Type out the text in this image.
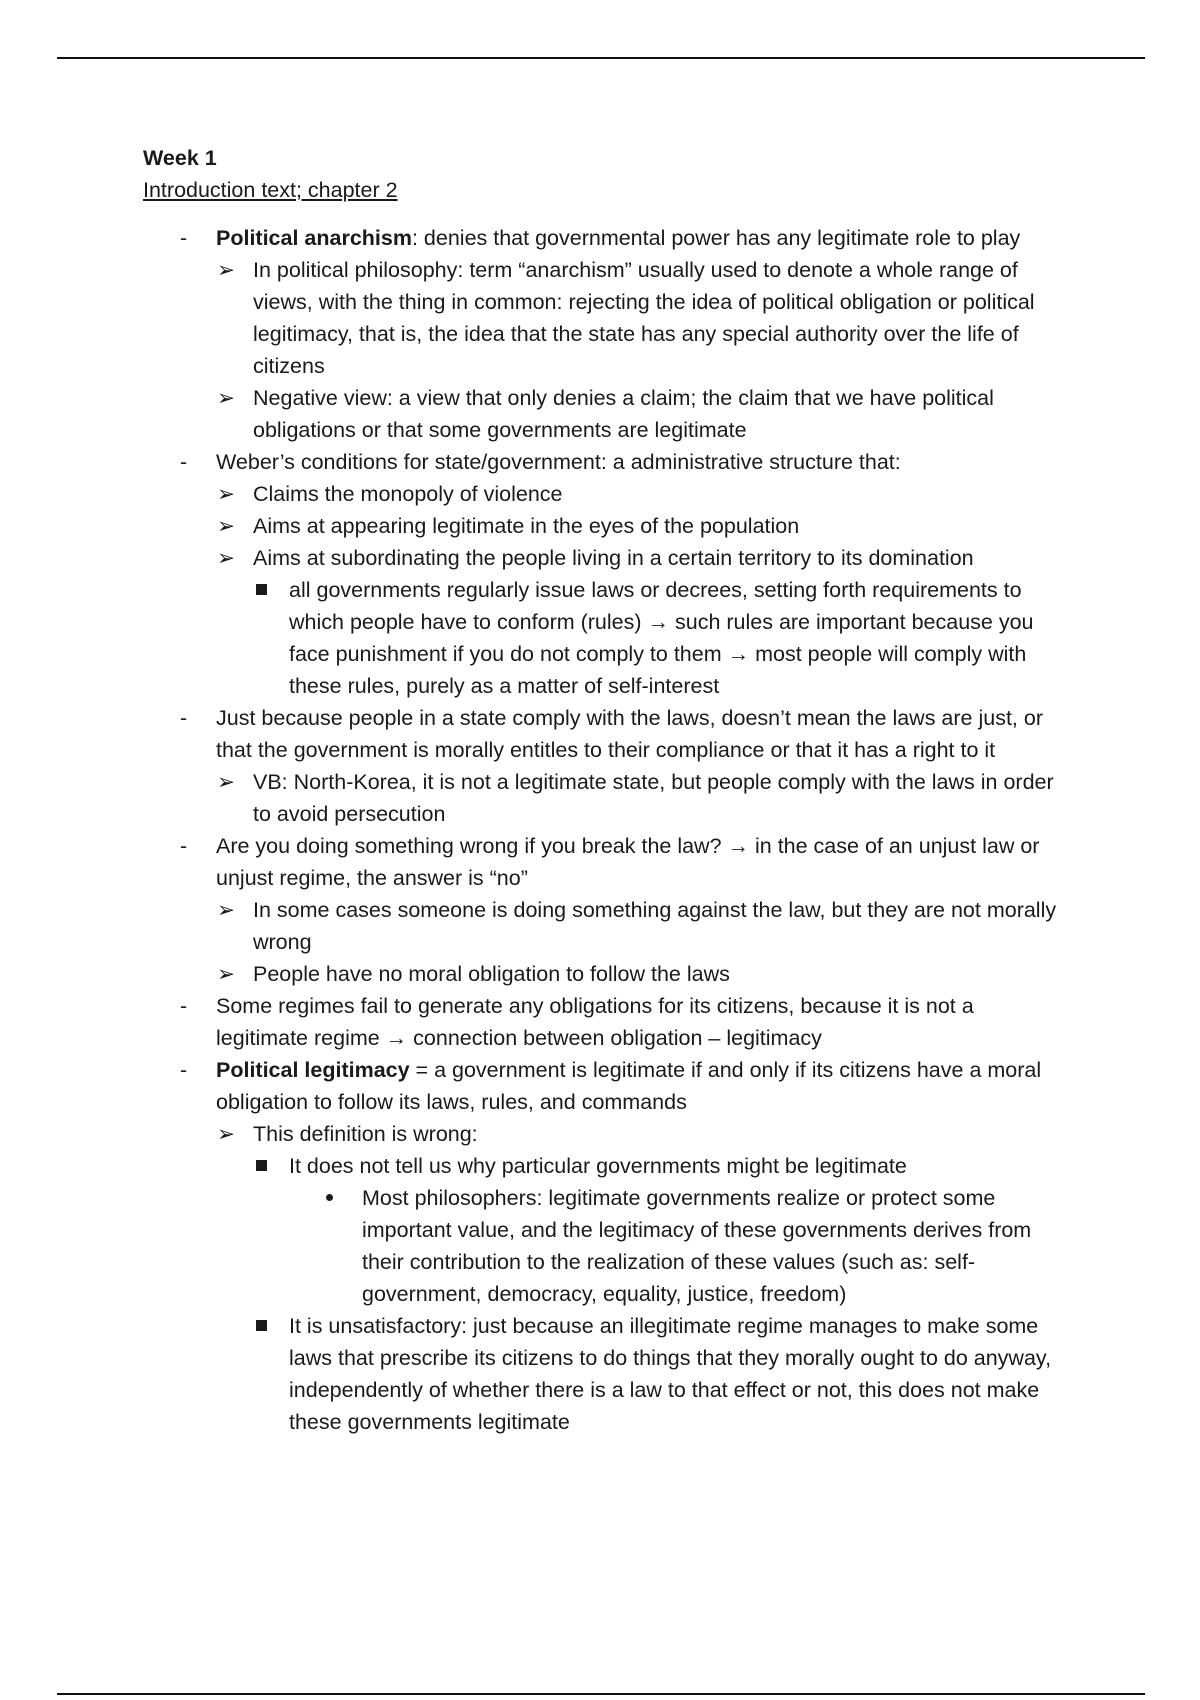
Week 1
Introduction text; chapter 2
- Political anarchism: denies that governmental power has any legitimate role to play
➢ In political philosophy: term “anarchism” usually used to denote a whole range of views, with the thing in common: rejecting the idea of political obligation or political legitimacy, that is, the idea that the state has any special authority over the life of citizens
➢ Negative view: a view that only denies a claim; the claim that we have political obligations or that some governments are legitimate
- Weber’s conditions for state/government: a administrative structure that:
➢ Claims the monopoly of violence
➢ Aims at appearing legitimate in the eyes of the population
➢ Aims at subordinating the people living in a certain territory to its domination
all governments regularly issue laws or decrees, setting forth requirements to which people have to conform (rules) → such rules are important because you face punishment if you do not comply to them → most people will comply with these rules, purely as a matter of self-interest
- Just because people in a state comply with the laws, doesn’t mean the laws are just, or that the government is morally entitles to their compliance or that it has a right to it
➢ VB: North-Korea, it is not a legitimate state, but people comply with the laws in order to avoid persecution
- Are you doing something wrong if you break the law? → in the case of an unjust law or unjust regime, the answer is “no”
➢ In some cases someone is doing something against the law, but they are not morally wrong
➢ People have no moral obligation to follow the laws
- Some regimes fail to generate any obligations for its citizens, because it is not a legitimate regime → connection between obligation – legitimacy
- Political legitimacy = a government is legitimate if and only if its citizens have a moral obligation to follow its laws, rules, and commands
➢ This definition is wrong:
It does not tell us why particular governments might be legitimate
Most philosophers: legitimate governments realize or protect some important value, and the legitimacy of these governments derives from their contribution to the realization of these values (such as: self-government, democracy, equality, justice, freedom)
It is unsatisfactory: just because an illegitimate regime manages to make some laws that prescribe its citizens to do things that they morally ought to do anyway, independently of whether there is a law to that effect or not, this does not make these governments legitimate
